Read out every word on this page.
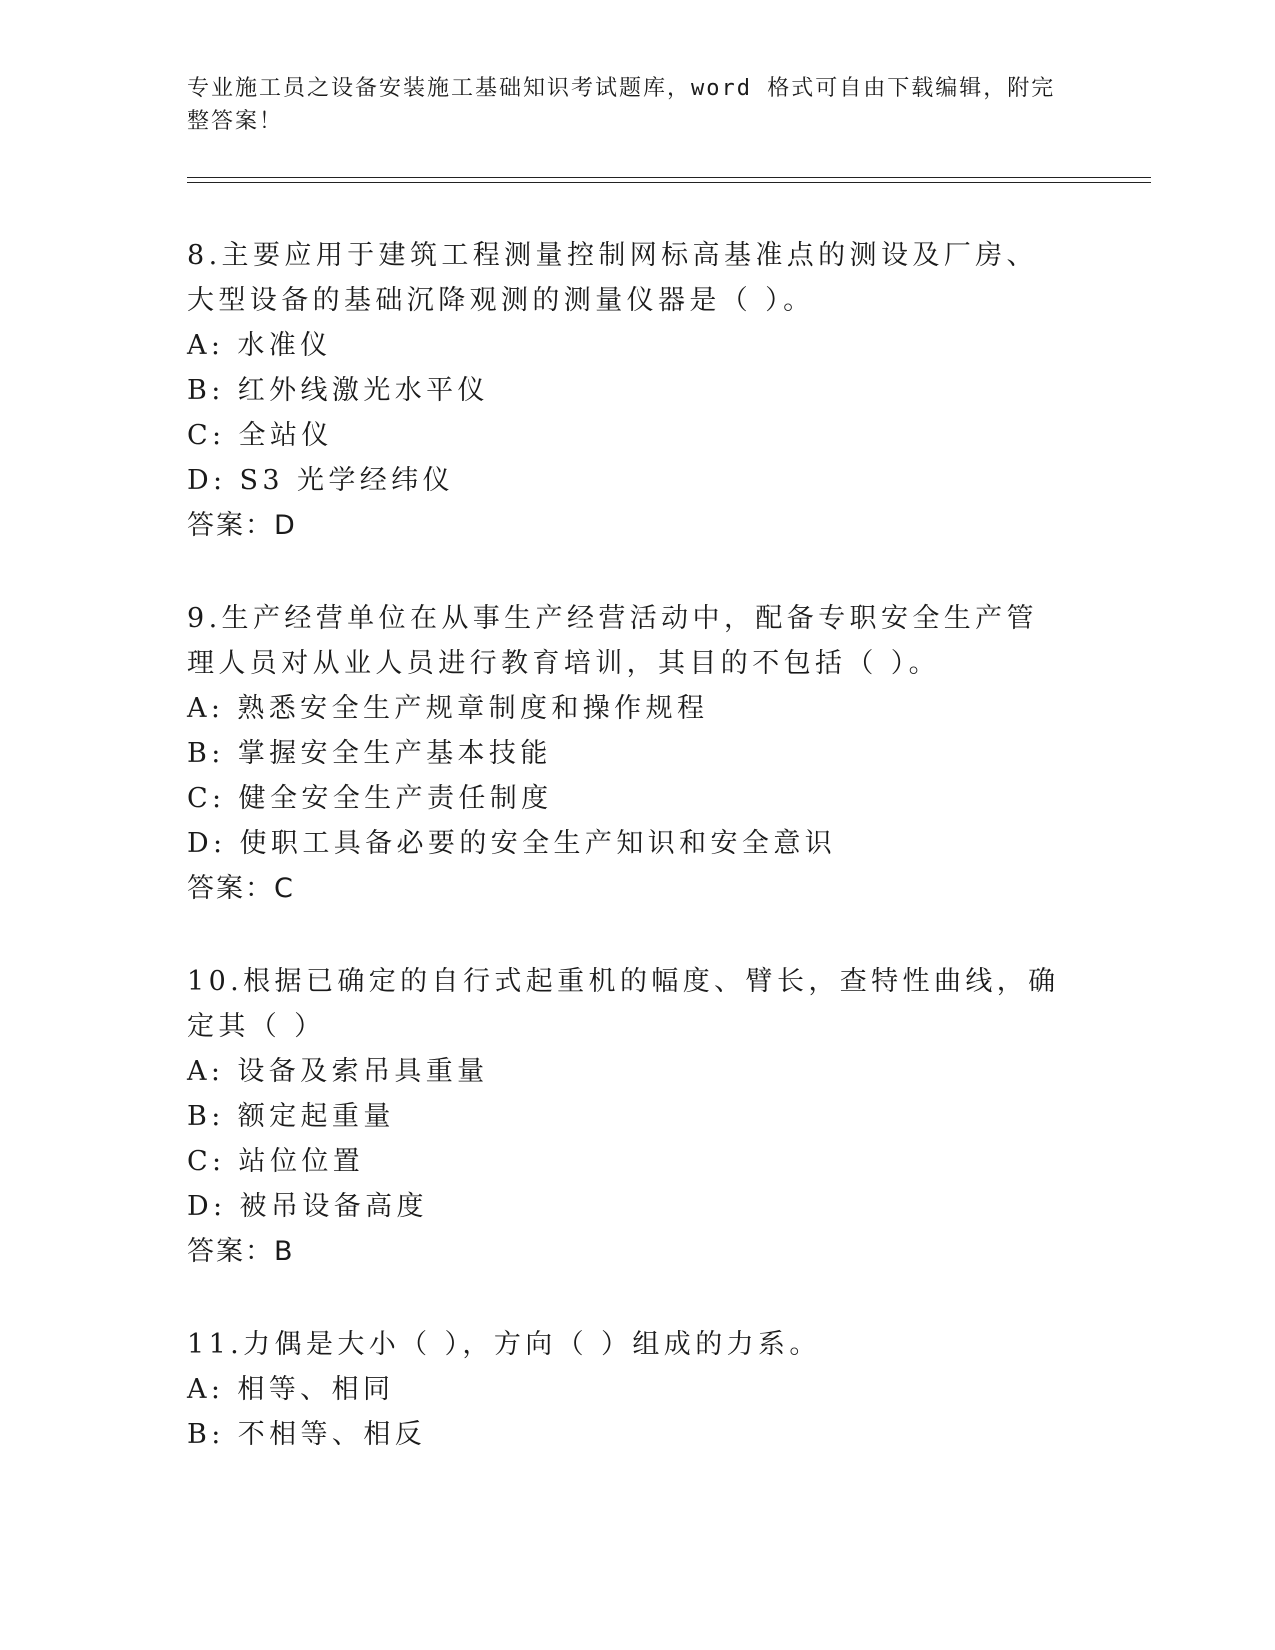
专业施工员之设备安装施工基础知识考试题库，word 格式可自由下载编辑，附完整答案！

8.主要应用于建筑工程测量控制网标高基准点的测设及厂房、大型设备的基础沉降观测的测量仪器是（ ）。

A: 水准仪

B: 红外线激光水平仪

C: 全站仪

D: S3 光学经纬仪

答案：D

9.生产经营单位在从事生产经营活动中，配备专职安全生产管理人员对从业人员进行教育培训，其目的不包括（ ）。

A: 熟悉安全生产规章制度和操作规程

B: 掌握安全生产基本技能

C: 健全安全生产责任制度

D: 使职工具备必要的安全生产知识和安全意识

答案：C

10.根据已确定的自行式起重机的幅度、臂长，查特性曲线，确定其（ ）

A: 设备及索吊具重量

B: 额定起重量

C: 站位位置

D: 被吊设备高度

答案：B

11.力偶是大小（ ），方向（ ）组成的力系。

A: 相等、相同

B: 不相等、相反
